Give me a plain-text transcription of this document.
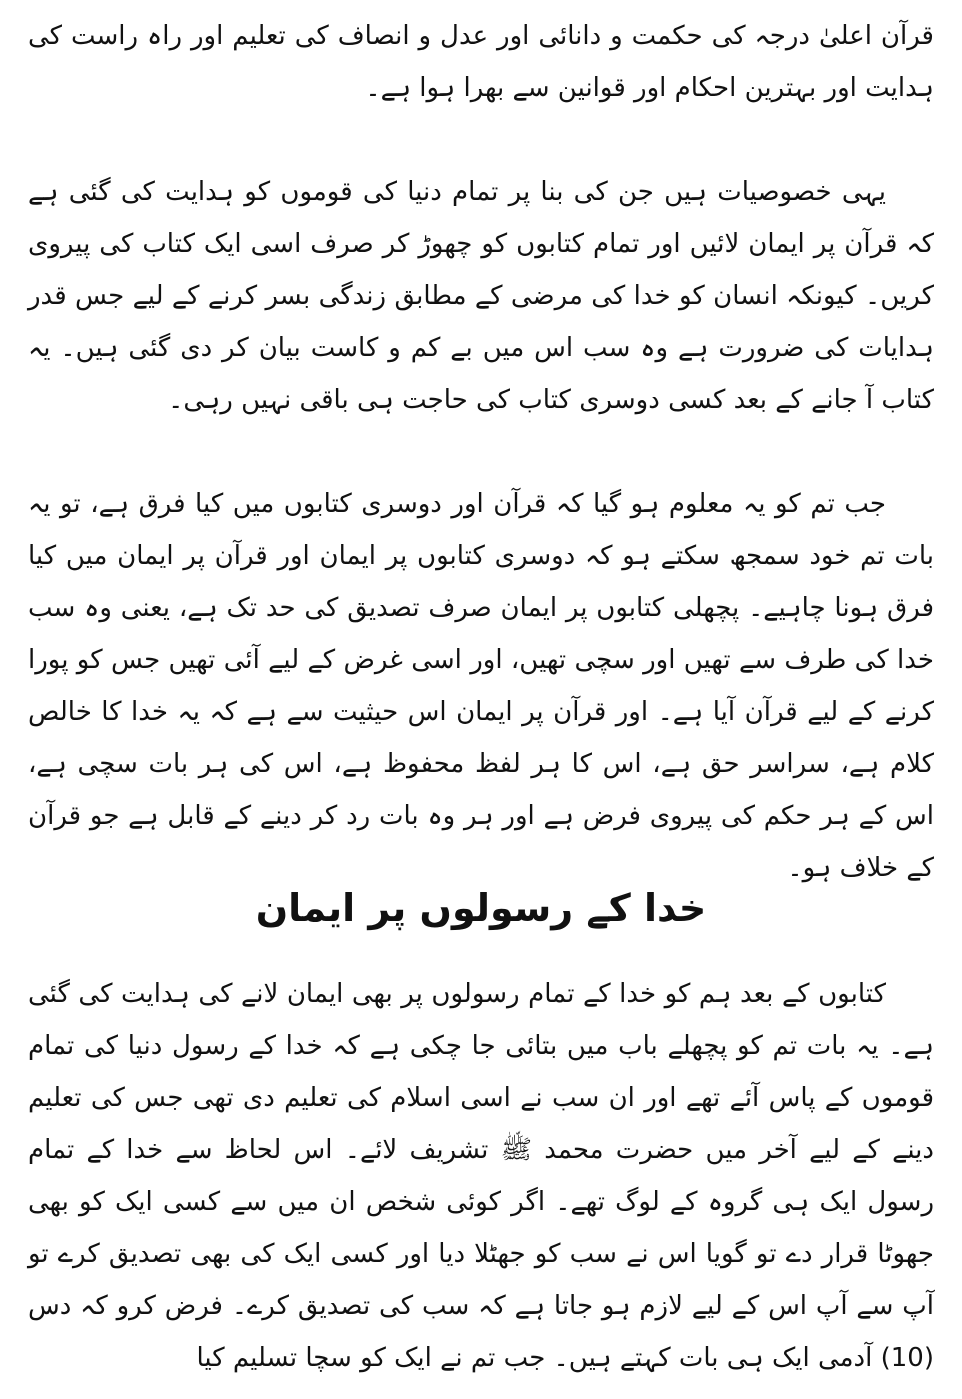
قرآن اعلیٰ درجہ کی حکمت و دانائی اور عدل و انصاف کی تعلیم اور راہ راست کی ہدایت اور بہترین احکام اور قوانین سے بھرا ہوا ہے۔

یہی خصوصیات ہیں جن کی بنا پر تمام دنیا کی قوموں کو ہدایت کی گئی ہے کہ قرآن پر ایمان لائیں اور تمام کتابوں کو چھوڑ کر صرف اسی ایک کتاب کی پیروی کریں۔ کیونکہ انسان کو خدا کی مرضی کے مطابق زندگی بسر کرنے کے لیے جس قدر ہدایات کی ضرورت ہے وہ سب اس میں بے کم و کاست بیان کر دی گئی ہیں۔ یہ کتاب آ جانے کے بعد کسی دوسری کتاب کی حاجت ہی باقی نہیں رہی۔

جب تم کو یہ معلوم ہو گیا کہ قرآن اور دوسری کتابوں میں کیا فرق ہے، تو یہ بات تم خود سمجھ سکتے ہو کہ دوسری کتابوں پر ایمان اور قرآن پر ایمان میں کیا فرق ہونا چاہیے۔ پچھلی کتابوں پر ایمان صرف تصدیق کی حد تک ہے، یعنی وہ سب خدا کی طرف سے تھیں اور سچی تھیں، اور اسی غرض کے لیے آئی تھیں جس کو پورا کرنے کے لیے قرآن آیا ہے۔ اور قرآن پر ایمان اس حیثیت سے ہے کہ یہ خدا کا خالص کلام ہے، سراسر حق ہے، اس کا ہر لفظ محفوظ ہے، اس کی ہر بات سچی ہے، اس کے ہر حکم کی پیروی فرض ہے اور ہر وہ بات رد کر دینے کے قابل ہے جو قرآن کے خلاف ہو۔

خدا کے رسولوں پر ایمان

کتابوں کے بعد ہم کو خدا کے تمام رسولوں پر بھی ایمان لانے کی ہدایت کی گئی ہے۔ یہ بات تم کو پچھلے باب میں بتائی جا چکی ہے کہ خدا کے رسول دنیا کی تمام قوموں کے پاس آئے تھے اور ان سب نے اسی اسلام کی تعلیم دی تھی جس کی تعلیم دینے کے لیے آخر میں حضرت محمد ﷺ تشریف لائے۔ اس لحاظ سے خدا کے تمام رسول ایک ہی گروہ کے لوگ تھے۔ اگر کوئی شخص ان میں سے کسی ایک کو بھی جھوٹا قرار دے تو گویا اس نے سب کو جھٹلا دیا اور کسی ایک کی بھی تصدیق کرے تو آپ سے آپ اس کے لیے لازم ہو جاتا ہے کہ سب کی تصدیق کرے۔ فرض کرو کہ دس (10) آدمی ایک ہی بات کہتے ہیں۔ جب تم نے ایک کو سچا تسلیم کیا
